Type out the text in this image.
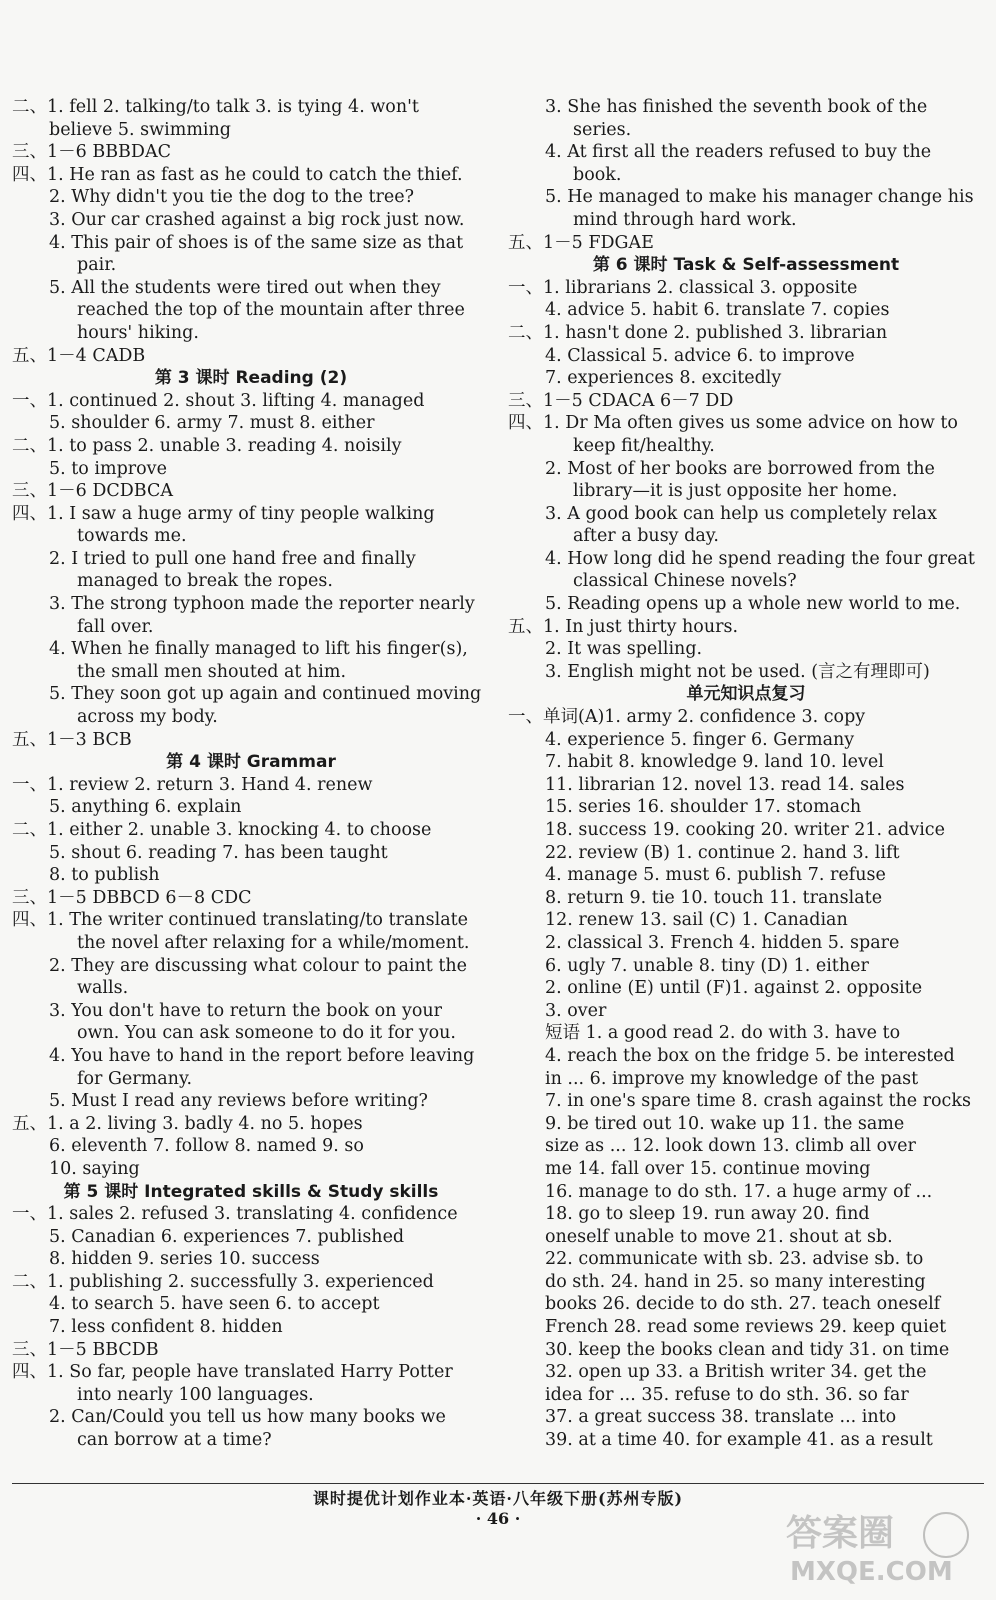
二、1. fell 2. talking/to talk 3. is tying 4. won't
believe 5. swimming
三、1－6 BBBDAC
四、1. He ran as fast as he could to catch the thief.
2. Why didn't you tie the dog to the tree?
3. Our car crashed against a big rock just now.
4. This pair of shoes is of the same size as that
pair.
5. All the students were tired out when they
reached the top of the mountain after three
hours' hiking.
五、1－4 CADB
第 3 课时 Reading (2)
一、1. continued 2. shout 3. lifting 4. managed
5. shoulder 6. army 7. must 8. either
二、1. to pass 2. unable 3. reading 4. noisily
5. to improve
三、1－6 DCDBCA
四、1. I saw a huge army of tiny people walking
towards me.
2. I tried to pull one hand free and finally
managed to break the ropes.
3. The strong typhoon made the reporter nearly
fall over.
4. When he finally managed to lift his finger(s),
the small men shouted at him.
5. They soon got up again and continued moving
across my body.
五、1－3 BCB
第 4 课时 Grammar
一、1. review 2. return 3. Hand 4. renew
5. anything 6. explain
二、1. either 2. unable 3. knocking 4. to choose
5. shout 6. reading 7. has been taught
8. to publish
三、1－5 DBBCD 6－8 CDC
四、1. The writer continued translating/to translate
the novel after relaxing for a while/moment.
2. They are discussing what colour to paint the
walls.
3. You don't have to return the book on your
own. You can ask someone to do it for you.
4. You have to hand in the report before leaving
for Germany.
5. Must I read any reviews before writing?
五、1. a 2. living 3. badly 4. no 5. hopes
6. eleventh 7. follow 8. named 9. so
10. saying
第 5 课时 Integrated skills & Study skills
一、1. sales 2. refused 3. translating 4. confidence
5. Canadian 6. experiences 7. published
8. hidden 9. series 10. success
二、1. publishing 2. successfully 3. experienced
4. to search 5. have seen 6. to accept
7. less confident 8. hidden
三、1－5 BBCDB
四、1. So far, people have translated Harry Potter
into nearly 100 languages.
2. Can/Could you tell us how many books we
can borrow at a time?
3. She has finished the seventh book of the
series.
4. At first all the readers refused to buy the
book.
5. He managed to make his manager change his
mind through hard work.
五、1－5 FDGAE
第 6 课时 Task & Self-assessment
一、1. librarians 2. classical 3. opposite
4. advice 5. habit 6. translate 7. copies
二、1. hasn't done 2. published 3. librarian
4. Classical 5. advice 6. to improve
7. experiences 8. excitedly
三、1－5 CDACA 6－7 DD
四、1. Dr Ma often gives us some advice on how to
keep fit/healthy.
2. Most of her books are borrowed from the
library—it is just opposite her home.
3. A good book can help us completely relax
after a busy day.
4. How long did he spend reading the four great
classical Chinese novels?
5. Reading opens up a whole new world to me.
五、1. In just thirty hours.
2. It was spelling.
3. English might not be used. (言之有理即可)
单元知识点复习
一、单词(A)1. army 2. confidence 3. copy
4. experience 5. finger 6. Germany
7. habit 8. knowledge 9. land 10. level
11. librarian 12. novel 13. read 14. sales
15. series 16. shoulder 17. stomach
18. success 19. cooking 20. writer 21. advice
22. review (B) 1. continue 2. hand 3. lift
4. manage 5. must 6. publish 7. refuse
8. return 9. tie 10. touch 11. translate
12. renew 13. sail (C) 1. Canadian
2. classical 3. French 4. hidden 5. spare
6. ugly 7. unable 8. tiny (D) 1. either
2. online (E) until (F)1. against 2. opposite
3. over
短语 1. a good read 2. do with 3. have to
4. reach the box on the fridge 5. be interested
in ... 6. improve my knowledge of the past
7. in one's spare time 8. crash against the rocks
9. be tired out 10. wake up 11. the same
size as ... 12. look down 13. climb all over
me 14. fall over 15. continue moving
16. manage to do sth. 17. a huge army of ...
18. go to sleep 19. run away 20. find
oneself unable to move 21. shout at sb.
22. communicate with sb. 23. advise sb. to
do sth. 24. hand in 25. so many interesting
books 26. decide to do sth. 27. teach oneself
French 28. read some reviews 29. keep quiet
30. keep the books clean and tidy 31. on time
32. open up 33. a British writer 34. get the
idea for ... 35. refuse to do sth. 36. so far
37. a great success 38. translate ... into
39. at a time 40. for example 41. as a result
课时提优计划作业本·英语·八年级下册(苏州专版)
· 46 ·	答案圈
MXQE.COM
